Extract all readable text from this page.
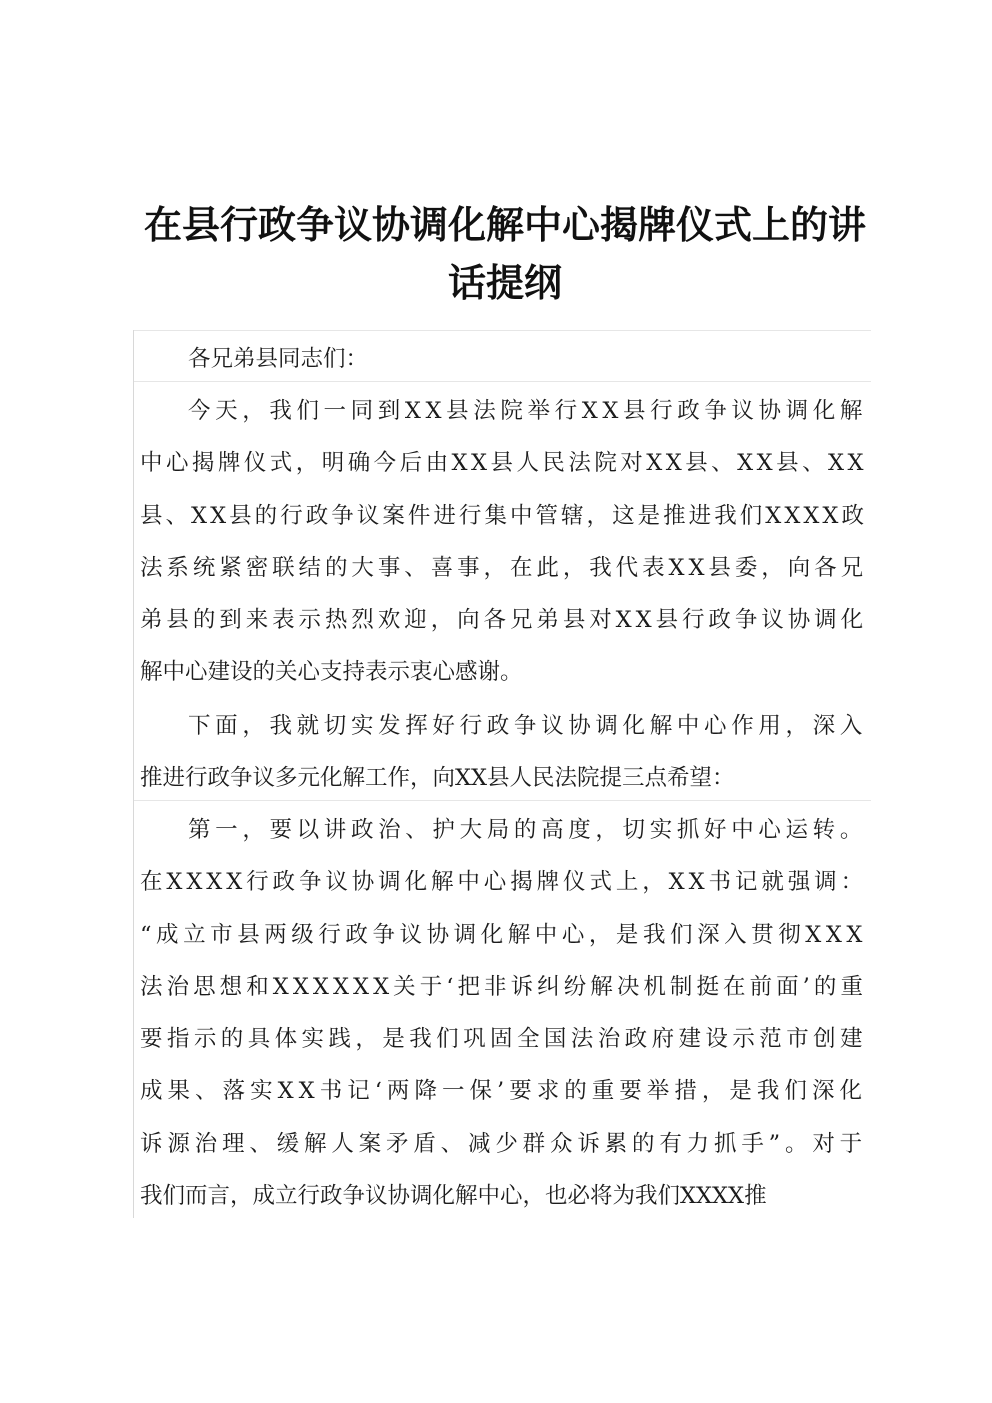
在县行政争议协调化解中心揭牌仪式上的讲
话提纲
各兄弟县同志们：
今天，我们一同到XX县法院举行XX县行政争议协调化解
中心揭牌仪式，明确今后由XX县人民法院对XX县、XX县、XX
县、XX县的行政争议案件进行集中管辖，这是推进我们XXXX政
法系统紧密联结的大事、喜事，在此，我代表XX县委，向各兄
弟县的到来表示热烈欢迎，向各兄弟县对XX县行政争议协调化
解中心建设的关心支持表示衷心感谢。
下面，我就切实发挥好行政争议协调化解中心作用，深入
推进行政争议多元化解工作，向XX县人民法院提三点希望：
第一，要以讲政治、护大局的高度，切实抓好中心运转。
在XXXX行政争议协调化解中心揭牌仪式上，XX书记就强调：
“成立市县两级行政争议协调化解中心，是我们深入贯彻XXX
法治思想和XXXXXX关于‘把非诉纠纷解决机制挺在前面’的重
要指示的具体实践，是我们巩固全国法治政府建设示范市创建
成果、落实XX书记‘两降一保’要求的重要举措，是我们深化
诉源治理、缓解人案矛盾、减少群众诉累的有力抓手”。对于
我们而言，成立行政争议协调化解中心，也必将为我们XXXX推
